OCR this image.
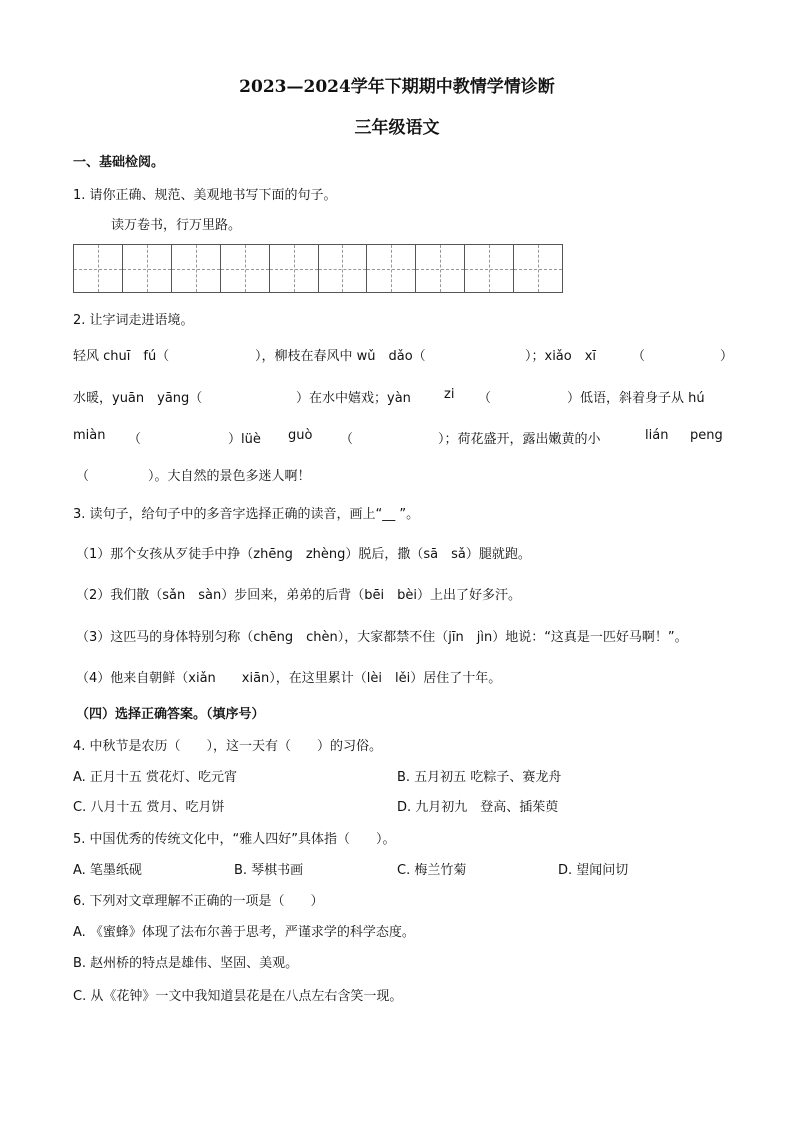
2023—2024学年下期期中教情学情诊断
三年级语文
一、基础检阅。
1. 请你正确、规范、美观地书写下面的句子。
读万卷书，行万里路。
2. 让字词走进语境。
轻风 chuī　fú（	），柳枝在春风中 wǔ　dǎo（	）；xiǎo　xī	（	）
水暖，yuān　yāng（	）在水中嬉戏；yàn	zi （	）低语，斜着身子从 hú
miàn （	）lüè guò （	）；荷花盛开，露出嫩黄的小	lián peng
（	）。大自然的景色多迷人啊！
3. 读句子，给句子中的多音字选择正确的读音，画上“__ ”。
（1）那个女孩从歹徒手中挣（zhēng　zhèng）脱后，撒（sā　sǎ）腿就跑。
（2）我们散（sǎn　sàn）步回来，弟弟的后背（bēi　bèi）上出了好多汗。
（3）这匹马的身体特别匀称（chēng　chèn），大家都禁不住（jīn　jìn）地说：“这真是一匹好马啊！”。
（4）他来自朝鲜（xiǎn　　xiān），在这里累计（lèi　lěi）居住了十年。
（四）选择正确答案。（填序号）
4. 中秋节是农历（　　），这一天有（　　）的习俗。
A. 正月十五 赏花灯、吃元宵	B. 五月初五 吃粽子、赛龙舟
C. 八月十五 赏月、吃月饼	D. 九月初九　登高、插茱萸
5. 中国优秀的传统文化中，“雅人四好”具体指（　　）。
A. 笔墨纸砚	B. 琴棋书画	C. 梅兰竹菊	D. 望闻问切
6. 下列对文章理解不正确的一项是（　　）
A. 《蜜蜂》体现了法布尔善于思考，严谨求学的科学态度。
B. 赵州桥的特点是雄伟、坚固、美观。
C. 从《花钟》一文中我知道昙花是在八点左右含笑一现。
